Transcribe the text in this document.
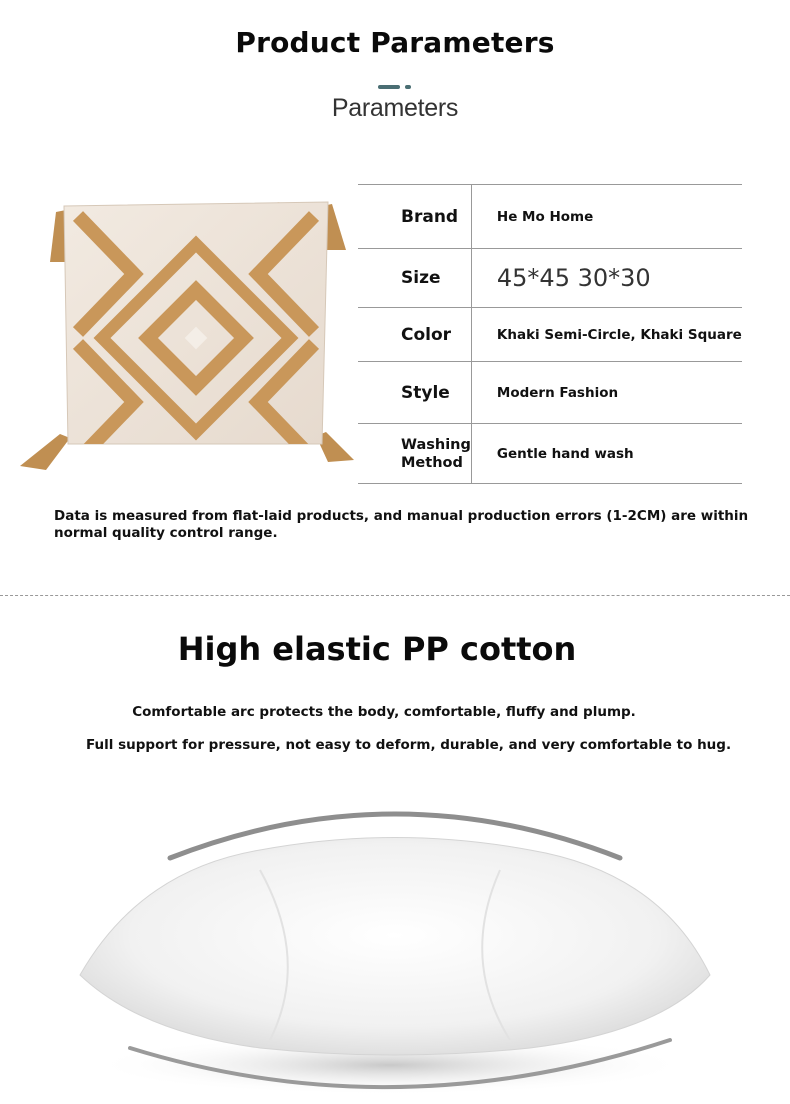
Product Parameters
Parameters
Brand	He Mo Home
Size	45*45 30*30
Color	Khaki Semi-Circle, Khaki Square
Style	Modern Fashion

Washing
Method	Gentle hand wash
Data is measured from flat-laid products, and manual production errors (1-2CM) are within normal quality control range.
High elastic PP cotton
Comfortable arc protects the body, comfortable, fluffy and plump.
Full support for pressure, not easy to deform, durable, and very comfortable to hug.
